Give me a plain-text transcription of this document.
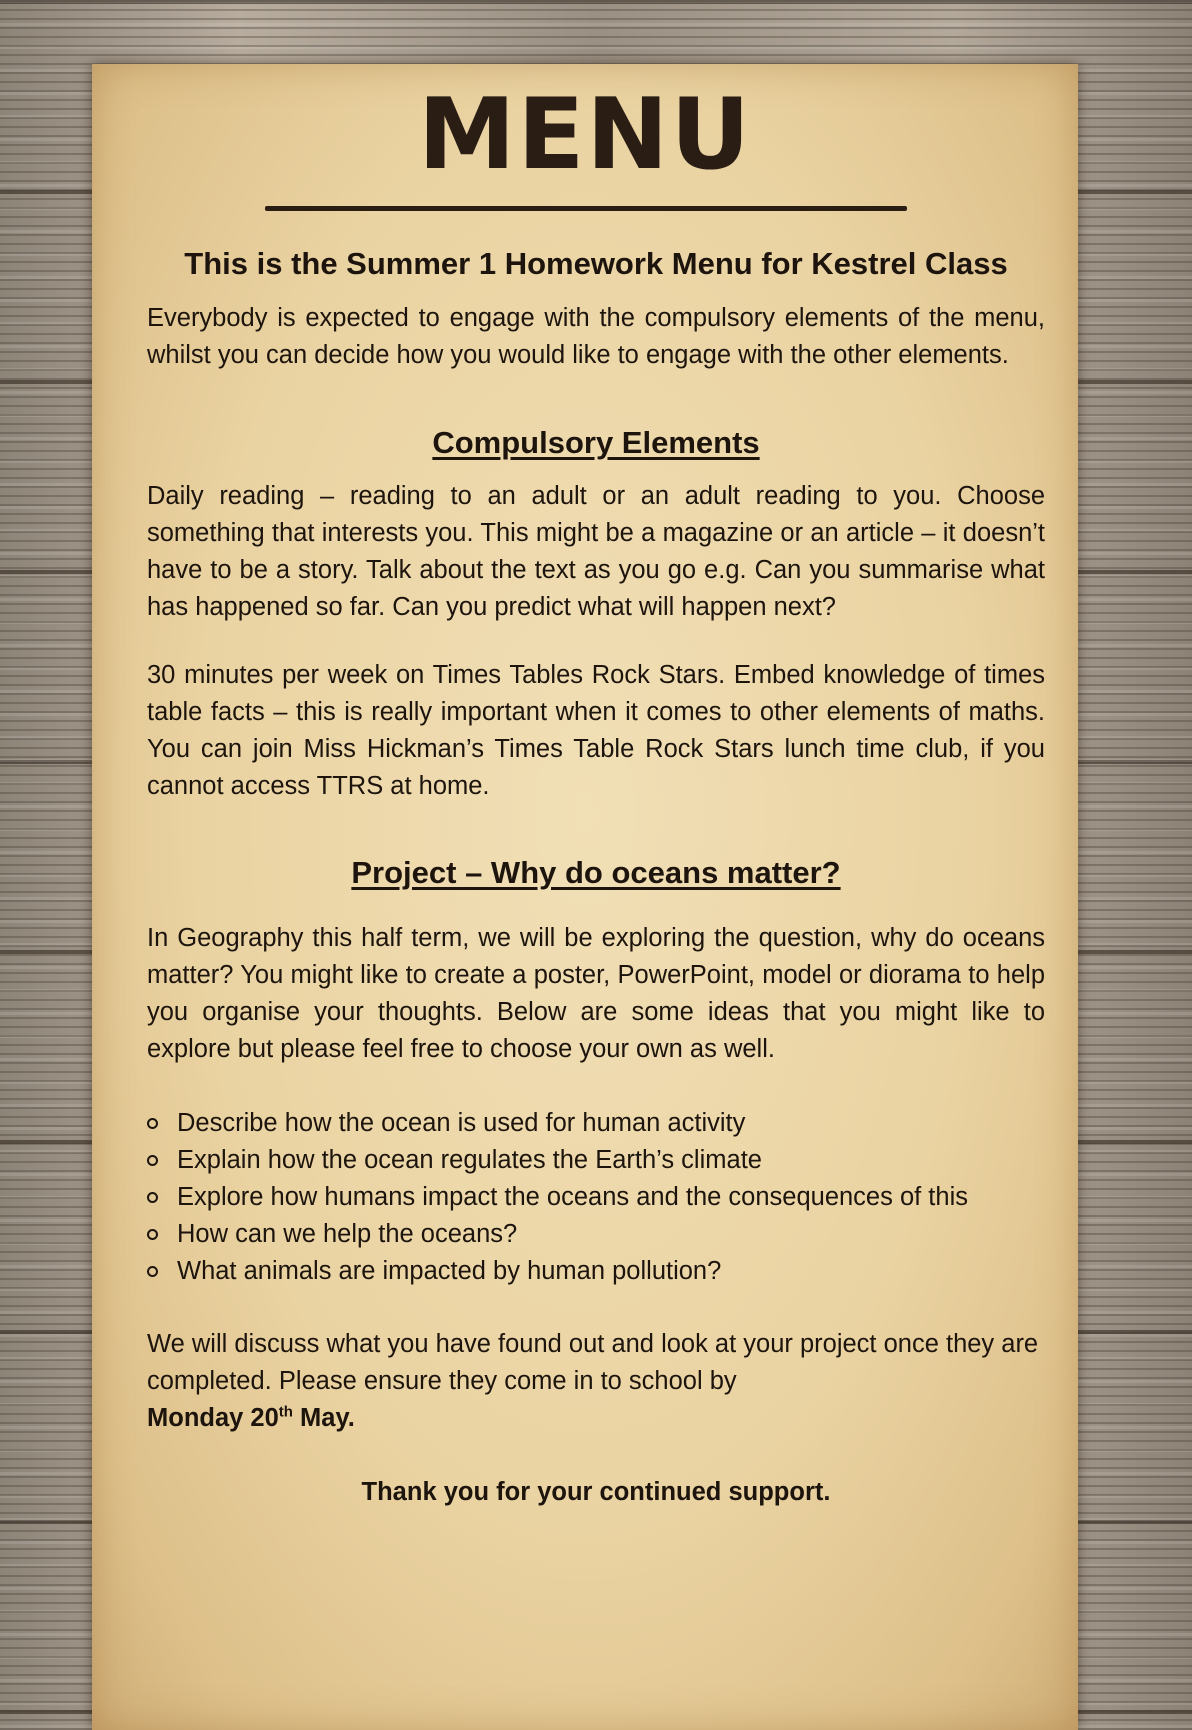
MENU

This is the Summer 1 Homework Menu for Kestrel Class

Everybody is expected to engage with the compulsory elements of the menu, whilst you can decide how you would like to engage with the other elements.

Compulsory Elements

Daily reading – reading to an adult or an adult reading to you. Choose something that interests you. This might be a magazine or an article – it doesn’t have to be a story. Talk about the text as you go e.g. Can you summarise what has happened so far. Can you predict what will happen next?

30 minutes per week on Times Tables Rock Stars. Embed knowledge of times table facts – this is really important when it comes to other elements of maths. You can join Miss Hickman’s Times Table Rock Stars lunch time club, if you cannot access TTRS at home.

Project – Why do oceans matter?

In Geography this half term, we will be exploring the question, why do oceans matter? You might like to create a poster, PowerPoint, model or diorama to help you organise your thoughts. Below are some ideas that you might like to explore but please feel free to choose your own as well.

Describe how the ocean is used for human activity
Explain how the ocean regulates the Earth’s climate
Explore how humans impact the oceans and the consequences of this
How can we help the oceans?
What animals are impacted by human pollution?

We will discuss what you have found out and look at your project once they are completed. Please ensure they come in to school by
Monday 20th May.

Thank you for your continued support.
